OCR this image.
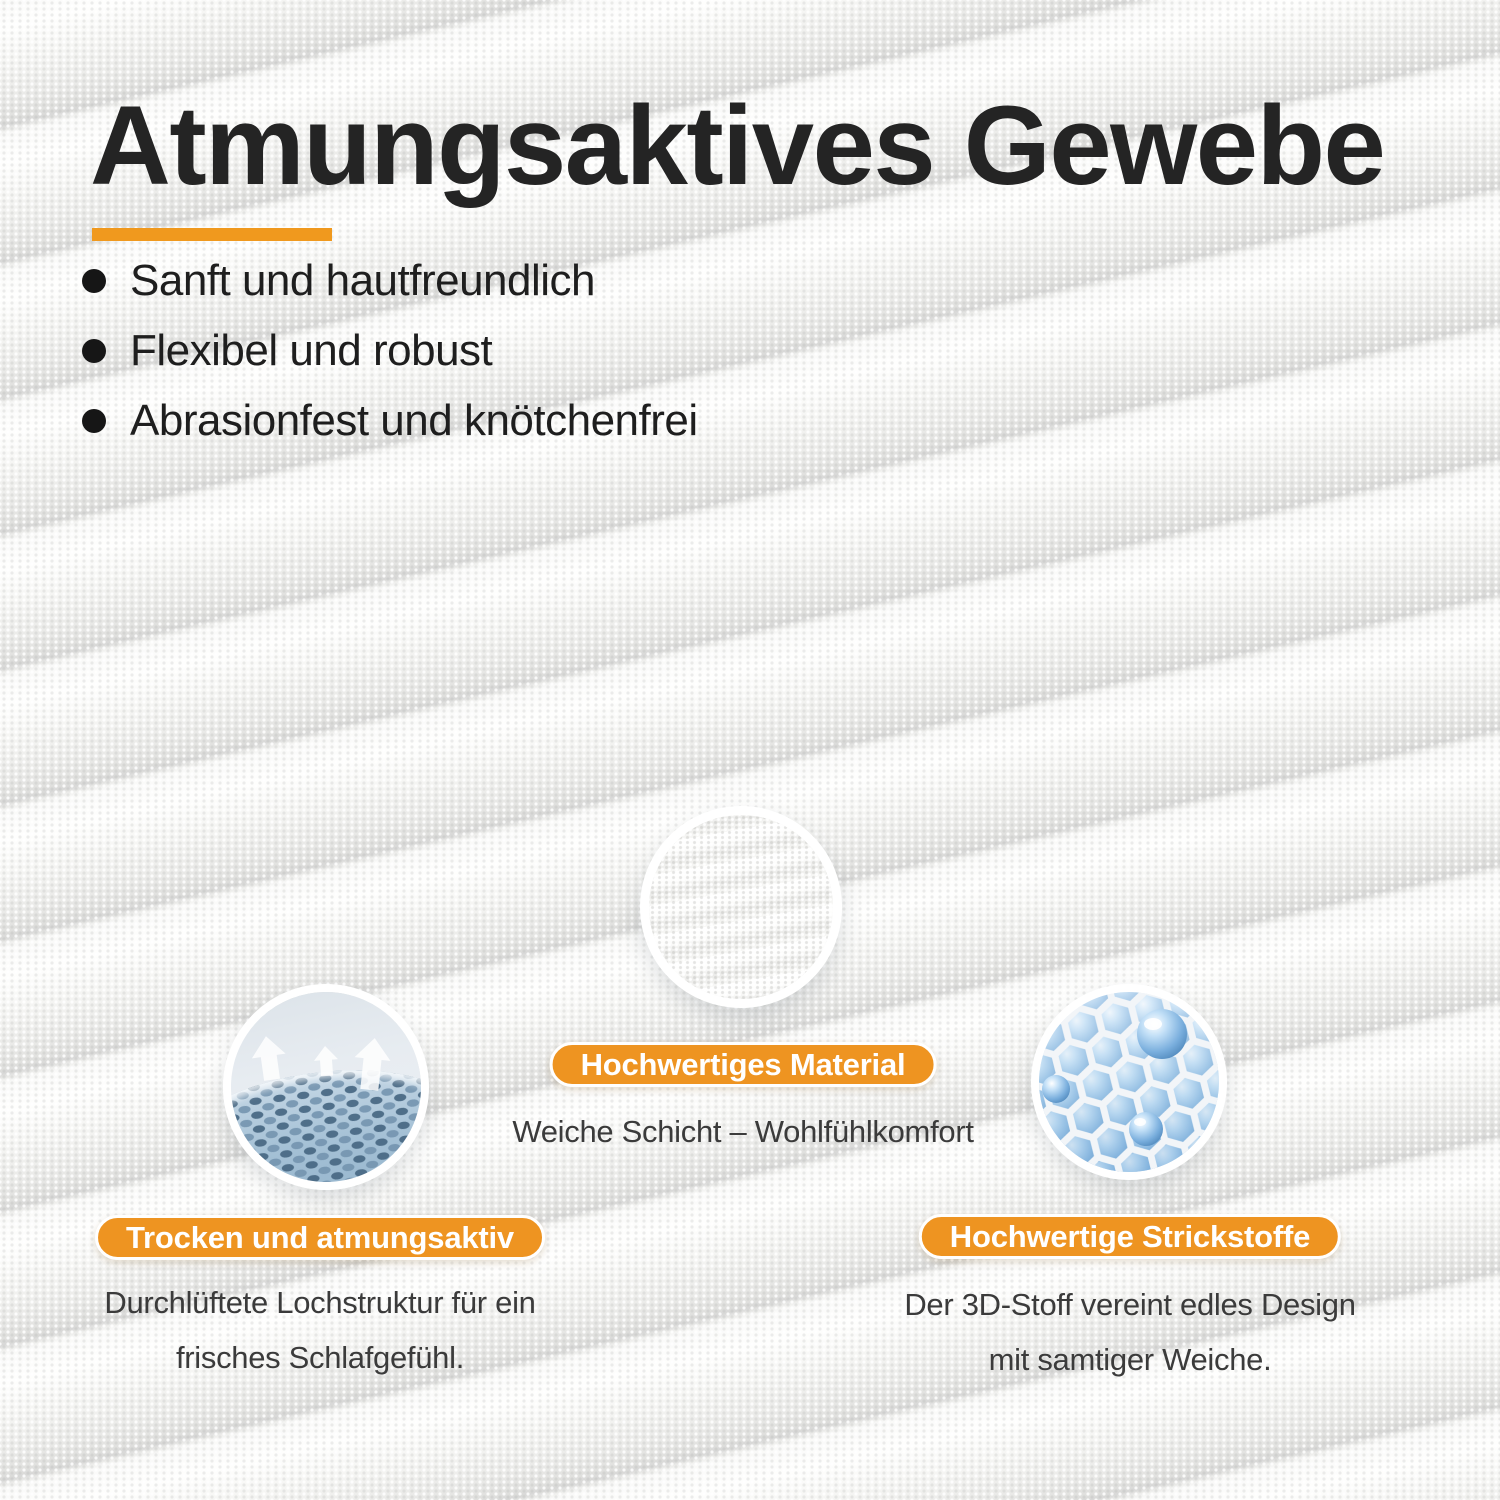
Atmungsaktives Gewebe
Sanft und hautfreundlich
Flexibel und robust
Abrasionfest und knötchenfrei
Trocken und atmungsaktiv
Durchlüftete Lochstruktur für ein
frisches Schlafgefühl.
Hochwertiges Material
Weiche Schicht – Wohlfühlkomfort
Hochwertige Strickstoffe
Der 3D-Stoff vereint edles Design
mit samtiger Weiche.
